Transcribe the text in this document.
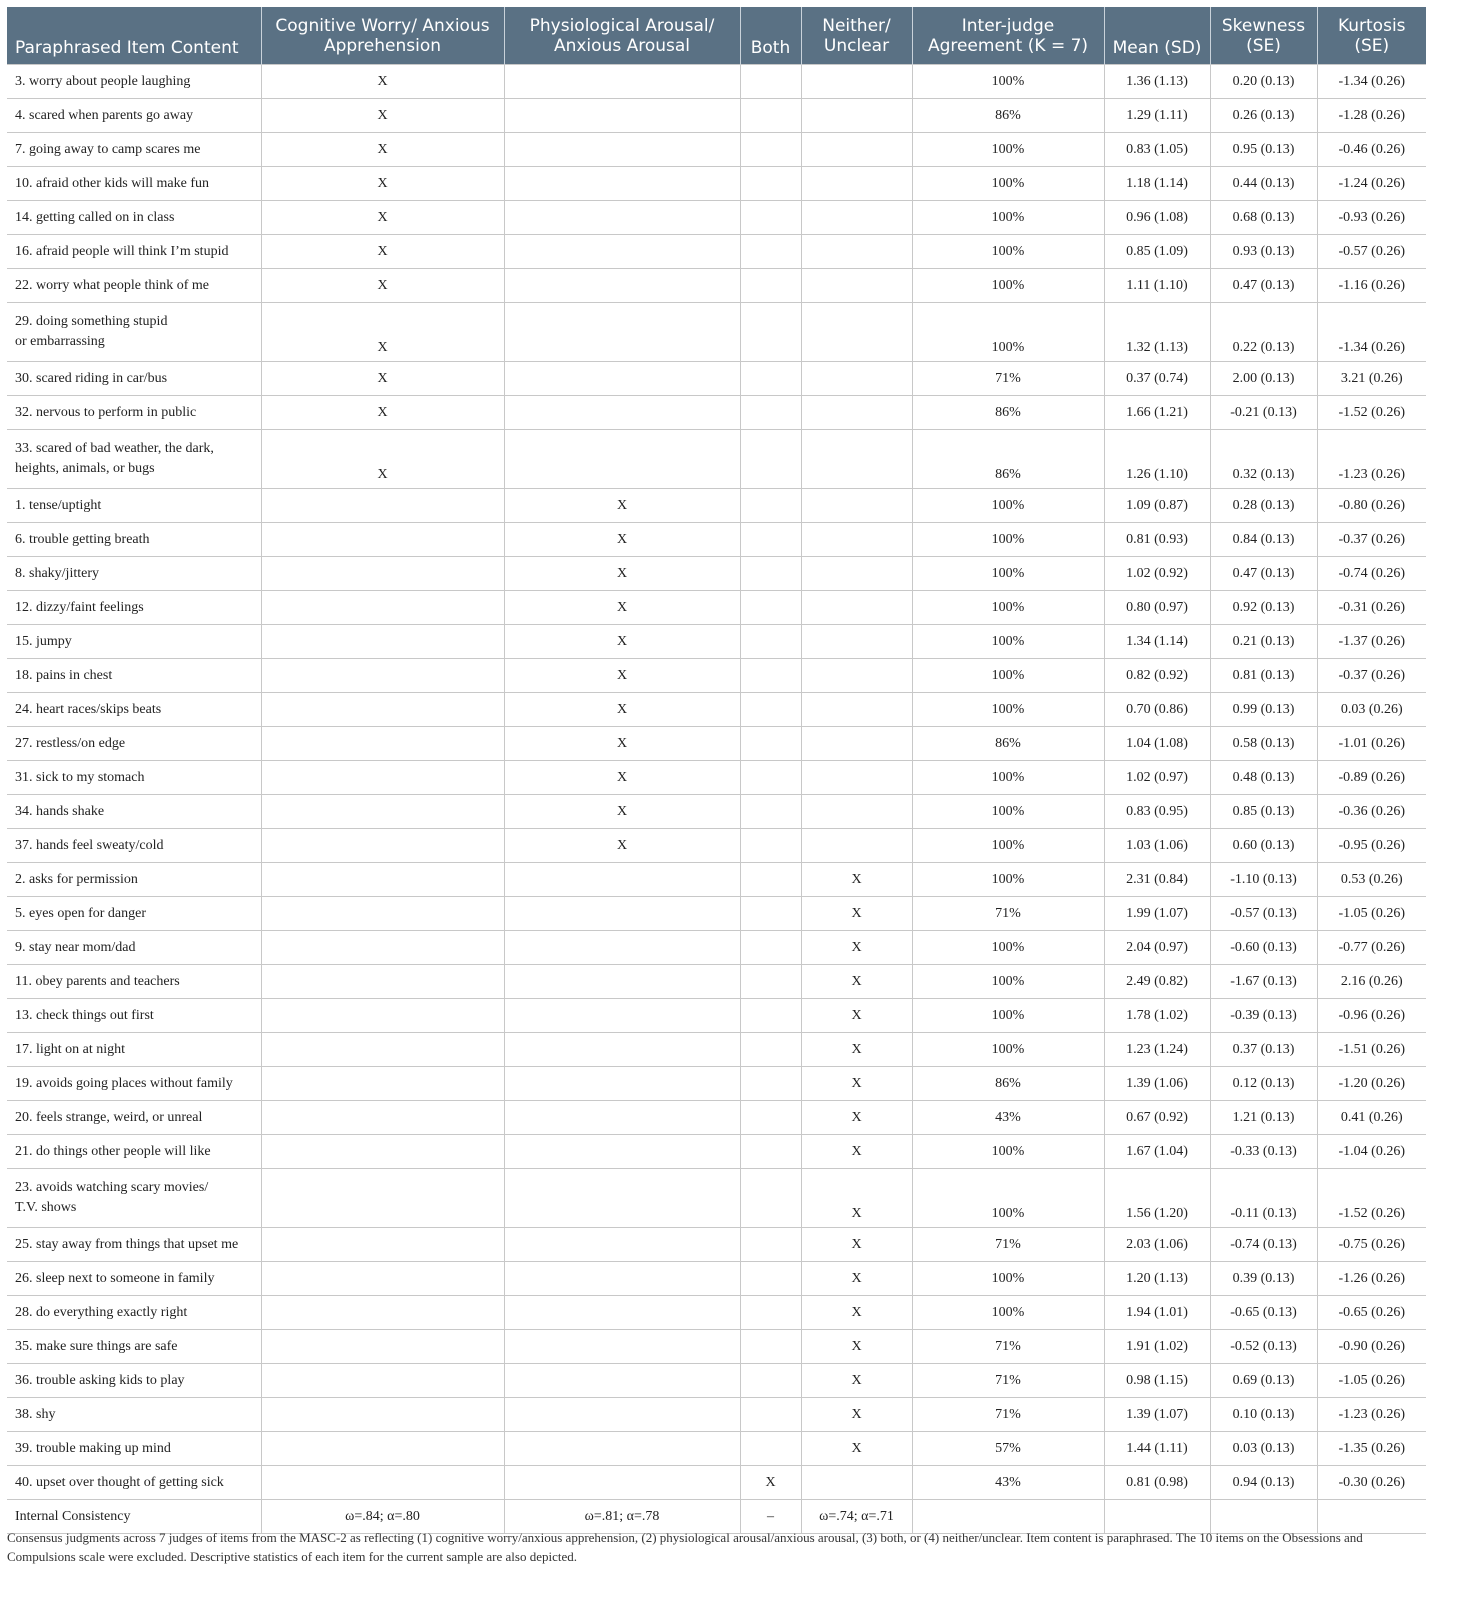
Paraphrased Item Content	Cognitive Worry/ Anxious Apprehension	Physiological Arousal/ Anxious Arousal	Both	Neither/ Unclear	Inter-judge Agreement (K = 7)	Mean (SD)	Skewness (SE)	Kurtosis (SE)
3. worry about people laughing	X				100%	1.36 (1.13)	0.20 (0.13)	-1.34 (0.26)
4. scared when parents go away	X				86%	1.29 (1.11)	0.26 (0.13)	-1.28 (0.26)
7. going away to camp scares me	X				100%	0.83 (1.05)	0.95 (0.13)	-0.46 (0.26)
10. afraid other kids will make fun	X				100%	1.18 (1.14)	0.44 (0.13)	-1.24 (0.26)
14. getting called on in class	X				100%	0.96 (1.08)	0.68 (0.13)	-0.93 (0.26)
16. afraid people will think I’m stupid	X				100%	0.85 (1.09)	0.93 (0.13)	-0.57 (0.26)
22. worry what people think of me	X				100%	1.11 (1.10)	0.47 (0.13)	-1.16 (0.26)
29. doing something stupid
or embarrassing	X				100%	1.32 (1.13)	0.22 (0.13)	-1.34 (0.26)
30. scared riding in car/bus	X				71%	0.37 (0.74)	2.00 (0.13)	3.21 (0.26)
32. nervous to perform in public	X				86%	1.66 (1.21)	-0.21 (0.13)	-1.52 (0.26)
33. scared of bad weather, the dark,
heights, animals, or bugs	X				86%	1.26 (1.10)	0.32 (0.13)	-1.23 (0.26)
1. tense/uptight		X			100%	1.09 (0.87)	0.28 (0.13)	-0.80 (0.26)
6. trouble getting breath		X			100%	0.81 (0.93)	0.84 (0.13)	-0.37 (0.26)
8. shaky/jittery		X			100%	1.02 (0.92)	0.47 (0.13)	-0.74 (0.26)
12. dizzy/faint feelings		X			100%	0.80 (0.97)	0.92 (0.13)	-0.31 (0.26)
15. jumpy		X			100%	1.34 (1.14)	0.21 (0.13)	-1.37 (0.26)
18. pains in chest		X			100%	0.82 (0.92)	0.81 (0.13)	-0.37 (0.26)
24. heart races/skips beats		X			100%	0.70 (0.86)	0.99 (0.13)	0.03 (0.26)
27. restless/on edge		X			86%	1.04 (1.08)	0.58 (0.13)	-1.01 (0.26)
31. sick to my stomach		X			100%	1.02 (0.97)	0.48 (0.13)	-0.89 (0.26)
34. hands shake		X			100%	0.83 (0.95)	0.85 (0.13)	-0.36 (0.26)
37. hands feel sweaty/cold		X			100%	1.03 (1.06)	0.60 (0.13)	-0.95 (0.26)
2. asks for permission				X	100%	2.31 (0.84)	-1.10 (0.13)	0.53 (0.26)
5. eyes open for danger				X	71%	1.99 (1.07)	-0.57 (0.13)	-1.05 (0.26)
9. stay near mom/dad				X	100%	2.04 (0.97)	-0.60 (0.13)	-0.77 (0.26)
11. obey parents and teachers				X	100%	2.49 (0.82)	-1.67 (0.13)	2.16 (0.26)
13. check things out first				X	100%	1.78 (1.02)	-0.39 (0.13)	-0.96 (0.26)
17. light on at night				X	100%	1.23 (1.24)	0.37 (0.13)	-1.51 (0.26)
19. avoids going places without family				X	86%	1.39 (1.06)	0.12 (0.13)	-1.20 (0.26)
20. feels strange, weird, or unreal				X	43%	0.67 (0.92)	1.21 (0.13)	0.41 (0.26)
21. do things other people will like				X	100%	1.67 (1.04)	-0.33 (0.13)	-1.04 (0.26)
23. avoids watching scary movies/
T.V. shows				X	100%	1.56 (1.20)	-0.11 (0.13)	-1.52 (0.26)
25. stay away from things that upset me				X	71%	2.03 (1.06)	-0.74 (0.13)	-0.75 (0.26)
26. sleep next to someone in family				X	100%	1.20 (1.13)	0.39 (0.13)	-1.26 (0.26)
28. do everything exactly right				X	100%	1.94 (1.01)	-0.65 (0.13)	-0.65 (0.26)
35. make sure things are safe				X	71%	1.91 (1.02)	-0.52 (0.13)	-0.90 (0.26)
36. trouble asking kids to play				X	71%	0.98 (1.15)	0.69 (0.13)	-1.05 (0.26)
38. shy				X	71%	1.39 (1.07)	0.10 (0.13)	-1.23 (0.26)
39. trouble making up mind				X	57%	1.44 (1.11)	0.03 (0.13)	-1.35 (0.26)
40. upset over thought of getting sick			X		43%	0.81 (0.98)	0.94 (0.13)	-0.30 (0.26)
Internal Consistency	ω=.84; α=.80	ω=.81; α=.78	–	ω=.74; α=.71				
Consensus judgments across 7 judges of items from the MASC-2 as reflecting (1) cognitive worry/anxious apprehension, (2) physiological arousal/anxious arousal, (3) both, or (4) neither/unclear. Item content is paraphrased. The 10 items on the Obsessions and Compulsions scale were excluded. Descriptive statistics of each item for the current sample are also depicted.
